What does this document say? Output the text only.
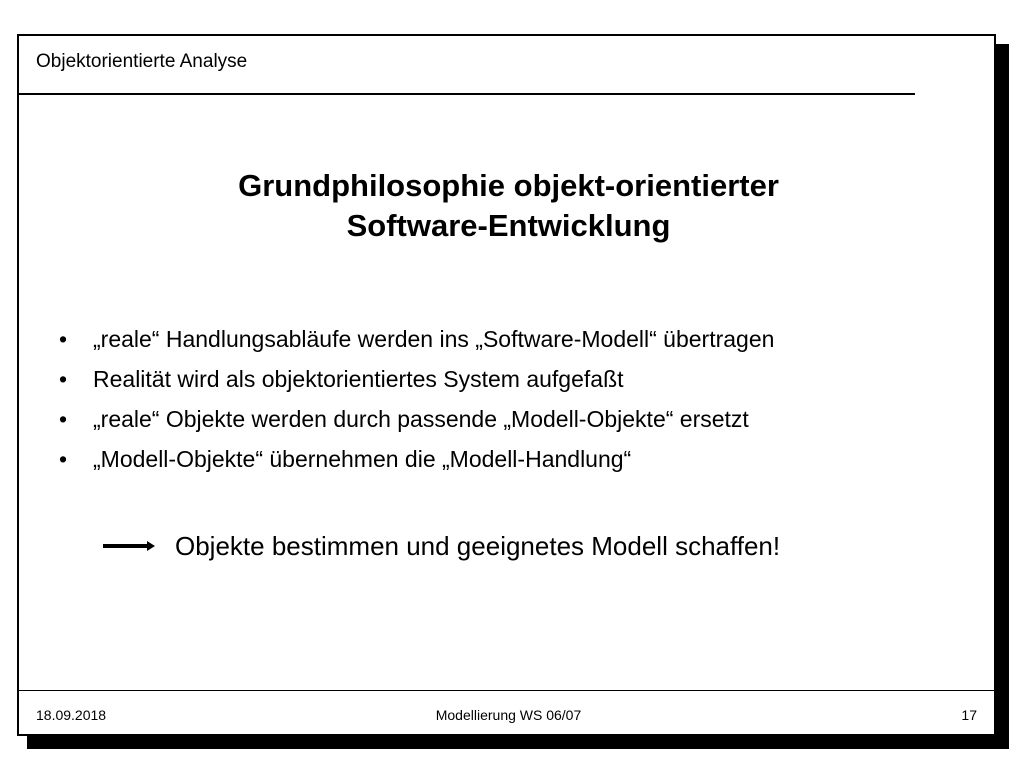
Objektorientierte Analyse
Grundphilosophie objekt-orientierter
Software-Entwicklung
• „reale“ Handlungsabläufe werden ins „Software-Modell“ übertragen
• Realität wird als objektorientiertes System aufgefaßt
• „reale“ Objekte werden durch passende „Modell-Objekte“ ersetzt
• „Modell-Objekte“ übernehmen die „Modell-Handlung“
Objekte bestimmen und geeignetes Modell schaffen!
18.09.2018	Modellierung WS 06/07	17
